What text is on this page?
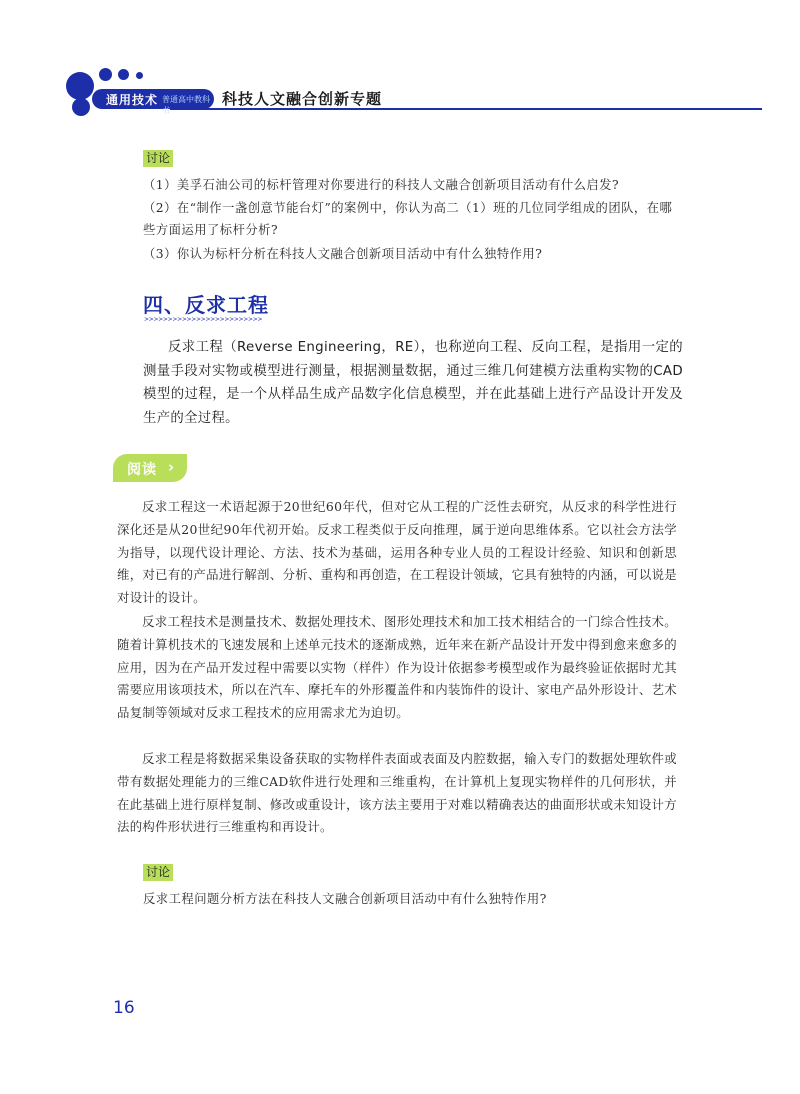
通用技术 普通高中教科书
科技人文融合创新专题
讨论
（1）美孚石油公司的标杆管理对你要进行的科技人文融合创新项目活动有什么启发?
（2）在“制作一盏创意节能台灯”的案例中，你认为高二（1）班的几位同学组成的团队，在哪些方面运用了标杆分析?
（3）你认为标杆分析在科技人文融合创新项目活动中有什么独特作用?
四、反求工程
>>>>>>>>>>>>>>>>>>>>>>>>>
反求工程（Reverse Engineering，RE），也称逆向工程、反向工程，是指用一定的测量手段对实物或模型进行测量，根据测量数据，通过三维几何建模方法重构实物的CAD模型的过程，是一个从样品生成产品数字化信息模型，并在此基础上进行产品设计开发及生产的全过程。
阅读 ›
反求工程这一术语起源于20世纪60年代，但对它从工程的广泛性去研究，从反求的科学性进行深化还是从20世纪90年代初开始。反求工程类似于反向推理，属于逆向思维体系。它以社会方法学为指导，以现代设计理论、方法、技术为基础，运用各种专业人员的工程设计经验、知识和创新思维，对已有的产品进行解剖、分析、重构和再创造，在工程设计领域，它具有独特的内涵，可以说是对设计的设计。
反求工程技术是测量技术、数据处理技术、图形处理技术和加工技术相结合的一门综合性技术。随着计算机技术的飞速发展和上述单元技术的逐渐成熟，近年来在新产品设计开发中得到愈来愈多的应用，因为在产品开发过程中需要以实物（样件）作为设计依据参考模型或作为最终验证依据时尤其需要应用该项技术，所以在汽车、摩托车的外形覆盖件和内装饰件的设计、家电产品外形设计、艺术品复制等领域对反求工程技术的应用需求尤为迫切。
反求工程是将数据采集设备获取的实物样件表面或表面及内腔数据，输入专门的数据处理软件或带有数据处理能力的三维CAD软件进行处理和三维重构，在计算机上复现实物样件的几何形状，并在此基础上进行原样复制、修改或重设计，该方法主要用于对难以精确表达的曲面形状或未知设计方法的构件形状进行三维重构和再设计。
讨论
反求工程问题分析方法在科技人文融合创新项目活动中有什么独特作用?
16
